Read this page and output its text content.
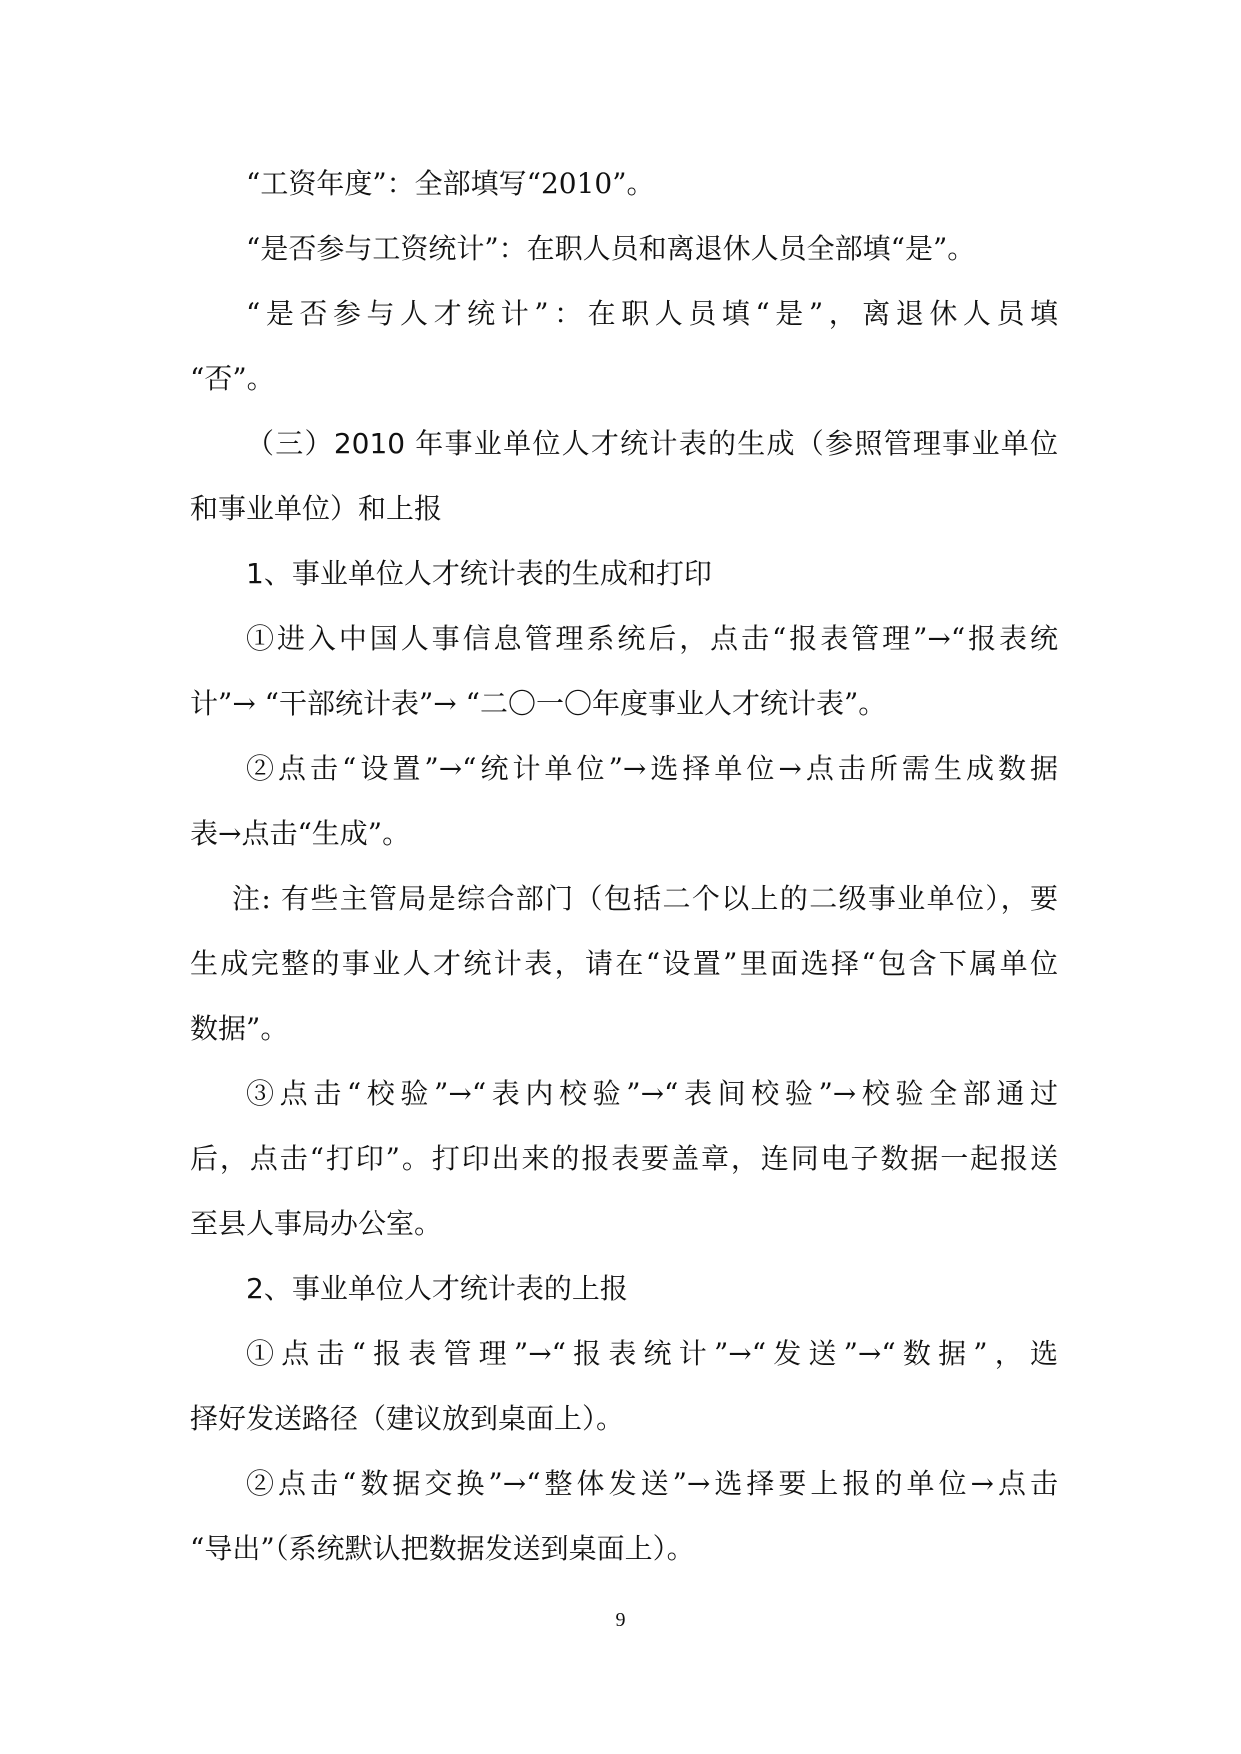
“工资年度”：全部填写“2010”。
“是否参与工资统计”：在职人员和离退休人员全部填“是”。
“是否参与人才统计”：在职人员填“是”，离退休人员填
“否”。
（三）2010 年事业单位人才统计表的生成（参照管理事业单位
和事业单位）和上报
1、事业单位人才统计表的生成和打印
①进入中国人事信息管理系统后，点击“报表管理”→“报表统
计”→ “干部统计表”→ “二〇一〇年度事业人才统计表”。
②点击“设置”→“统计单位”→选择单位→点击所需生成数据
表→点击“生成”。
注: 有些主管局是综合部门（包括二个以上的二级事业单位），要
生成完整的事业人才统计表，请在“设置”里面选择“包含下属单位
数据”。
③点击“校验”→“表内校验”→“表间校验”→校验全部通过
后，点击“打印”。打印出来的报表要盖章，连同电子数据一起报送
至县人事局办公室。
2、事业单位人才统计表的上报
①点击“报表管理”→“报表统计”→“发送”→“数据”，选
择好发送路径（建议放到桌面上）。
②点击“数据交换”→“整体发送”→选择要上报的单位→点击
“导出”（系统默认把数据发送到桌面上）。
9
